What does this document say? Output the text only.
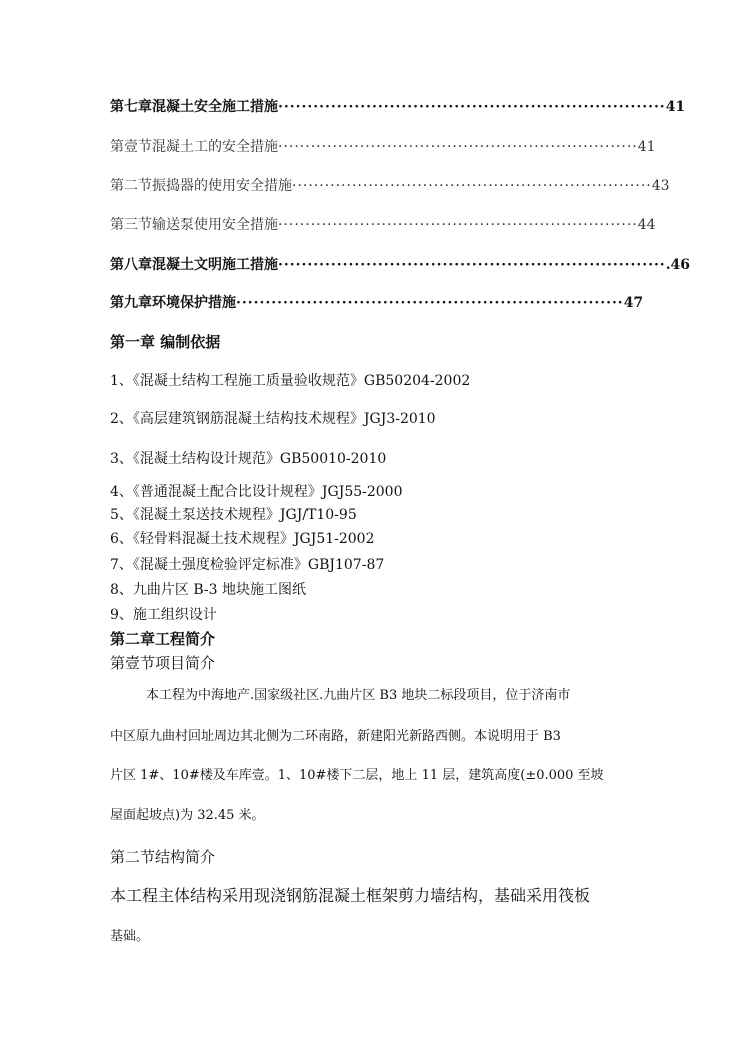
第七章混凝土安全施工措施 ·································································· 41
第壹节混凝土工的安全措施 ·································································· 41
第二节振捣器的使用安全措施 ·································································· 43
第三节输送泵使用安全措施 ·································································· 44
第八章混凝土文明施工措施 ·································································· .46
第九章环境保护措施 ·································································· 47
第一章 编制依据
1、《混凝土结构工程施工质量验收规范》GB50204-2002
2、《高层建筑钢筋混凝土结构技术规程》JGJ3-2010
3、《混凝土结构设计规范》GB50010-2010
4、《普通混凝土配合比设计规程》JGJ55-2000
5、《混凝土泵送技术规程》JGJ/T10-95
6、《轻骨料混凝土技术规程》JGJ51-2002
7、《混凝土强度检验评定标准》GBJ107-87
8、九曲片区 B-3 地块施工图纸
9、施工组织设计
第二章工程简介
第壹节项目简介
本工程为中海地产.国家级社区.九曲片区 B3 地块二标段项目，位于济南市
中区原九曲村回址周边其北侧为二环南路，新建阳光新路西侧。本说明用于 B3
片区 1#、10#楼及车库壹。1、10#楼下二层，地上 11 层，建筑高度(±0.000 至坡
屋面起坡点)为 32.45 米。
第二节结构简介
本工程主体结构采用现浇钢筋混凝土框架剪力墙结构，基础采用筏板
基础。
